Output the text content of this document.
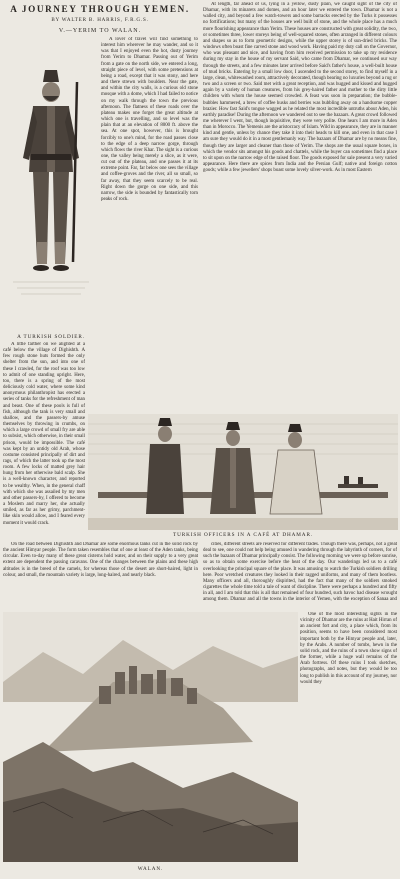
A JOURNEY THROUGH YEMEN.
BY WALTER B. HARRIS, F.R.G.S.
V.—YERIM TO WALAN.

A lover of travel will find something to interest him wherever he may wander, and so it was that I enjoyed even the hot, dusty journey from Yerim to Dhamar. Passing out of Yerim from a gate on the north side, we entered a long, straight piece of level, with some pretensions at being a road, except that it was stony, and here and there strewn with boulders. Near the gate, and within the city walls, is a curious old stone mosque with a dome, which I had failed to notice on my walk through the town the previous afternoon. The flatness of these roads over the plateau makes one forget the great altitude at which one is travelling, and so level was the plain that at an elevation of 8000 ft. above the sea. At one spot, however, this is brought forcibly to one's mind, for the road passes close to the edge of a deep narrow gorge, through which flows the river Khar. The sight is a curious one, the valley being merely a slice, as it were, cut out of the plateau, and one passes it at its extreme point. Far, far below one sees the village and coffee-groves and the river, all so small, so far away, that they seem scarcely to be real. Right down the gorge on one side, and this narrow, the side is bounded by fantastically torn peaks of rock.

A TURKISH SOLDIER.

A little farther on we alighted at a café below the village of Dighishth. A few rough stone huts formed the only shelter from the sun, and into one of these I crawled, for the roof was too low to admit of one standing upright. Here, too, there is a spring of the most deliciously cold water, where some kind anonymous philanthropist has erected a series of tanks for the refreshment of man and beast. One of these pools is full of fish, although the tank is very small and shallow, and the passers-by amuse themselves by throwing in crumbs, on which a large crowd of small fry are able to subsist, which otherwise, in their small prison, would be impossible. The café was kept by an untidy old Arab, whose costume consisted principally of dirt and rags, of which the latter took up the most room. A few locks of matted grey hair hung from her otherwise bald scalp. She is a well-known character, and reported to be wealthy. When, in the general chaff with which she was assailed by my men and other passers-by, I offered to become a Moslem and marry her, she actually smiled, as far as her grimy, parchment-like skin would allow, and I feared every moment it would crack.

At length, far ahead of us, lying in a yellow, dusty plain, we caught sight of the city of Dhamar, with its minarets and domes, and an hour later we entered the town. Dhamar is not a walled city, and beyond a few watch-towers and some barracks erected by the Turks it possesses no fortifications; but many of the houses are well built of stone, and the whole place has a much more flourishing appearance than Yerim. These houses are constructed with great solidity, the two, or sometimes three, lower storeys being of well-squared stones, often arranged in different colours and shapes so as to form geometric designs, while the upper storey is of sun-dried bricks. The windows often boast fine carved stone and wood work. Having paid my duty call on the Governor, who was pleasant and nice, and having from him received permission to take up my residence during my stay in the house of my servant Said, who came from Dhamar, we continued our way through the streets, and a few minutes later arrived before Said's father's house, a well-built house of mud bricks. Entering by a small low door, I ascended to the second storey, to find myself in a large, clean, whitewashed room, attractively decorated, though bearing no luxuries beyond a rug or two and a screen or two. Said met with a great reception, and was hugged and kissed and hugged again by a variety of human creatures, from his grey-haired father and mother to the dirty little children with whom the house seemed crowded. A feast was soon in preparation; the bubble-bubbles hammered, a brew of coffee husks and berries was bubbling away on a handsome copper brazier. How fast Said's tongue wagged as he related the most incredible untruths about Aden, his earthly paradise! During the afternoon we wandered out to see the bazaars. A great crowd followed me wherever I went, but, though inquisitive, they were very polite. One hears I am more in Aden than in Morocco. The Yemenis are the aristocracy of Islam. Wild in appearance, they are in manner kind and gentle, unless by chance they take it into their heads to kill one, and even in that case I am sure they would do it in a most gentlemanly way. The bazaars of Dhamar are by no means fine, though they are larger and cleaner than those of Yerim. The shops are the usual square boxes, in which the vendor sits amongst his goods and chattels, while the buyer can sometimes find a place to sit upon on the narrow edge of the raised floor. The goods exposed for sale present a very varied appearance. Here there are spices from India and the Persian Gulf; native and foreign cotton goods; while a few jewellers' shops boast some lovely silver-work. As in most Eastern

TURKISH OFFICERS IN A CAFÉ AT DHAMAR.

On the road between Dighishth and Dhamar are some enormous tanks cut in the solid rock by the ancient Himyar people. The form taken resembles that of one at least of the Aden tanks, being circular. Even to-day many of these great cisterns hold water, and on their supply to a very great extent are dependent the passing caravans. One of the changes between the plains and these high altitudes is in the breed of the camels, for whereas those of the desert are short-haired, light in colour, and small, the mountain variety is large, long-haired, and nearly black.

cities, different streets are reserved for different trades. Though there was, perhaps, not a great deal to see, one could not help being amused in wandering through the labyrinth of corners, for of such the bazaars of Dhamar principally consist. The following morning we were up before sunrise, so as to obtain some exercise before the heat of the day. Our wanderings led us to a café overlooking the principal square of the place. It was amusing to watch the Turkish soldiers drilling here. Poor wretched creatures they looked in their ragged uniforms, and many of them bootless. Many officers and all, thoroughly dispirited, had the fact that many of the soldiers smoked cigarettes the whole time told a tale of want of discipline. There were perhaps a hundred and fifty in all, and I am told that this is all that remained of four hundred, such havoc had disease wrought among them. Dhamar and all the towns in the interior of Yemen, with the exception of Sanaa and

WALAN.

One of the most interesting sights in the vicinity of Dhamar are the ruins at Hait Hirran of an ancient fort and city, a place which, from its position, seems to have been considered most important both by the Himyar people and, later, by the Arabs. A number of tombs, hewn in the solid rock, and the ruins of a town show signs of the former, while a huge wall remains of the Arab fortress. Of these ruins I took sketches, photographs, and notes, but they would be too long to publish in this account of my journey, nor would they
